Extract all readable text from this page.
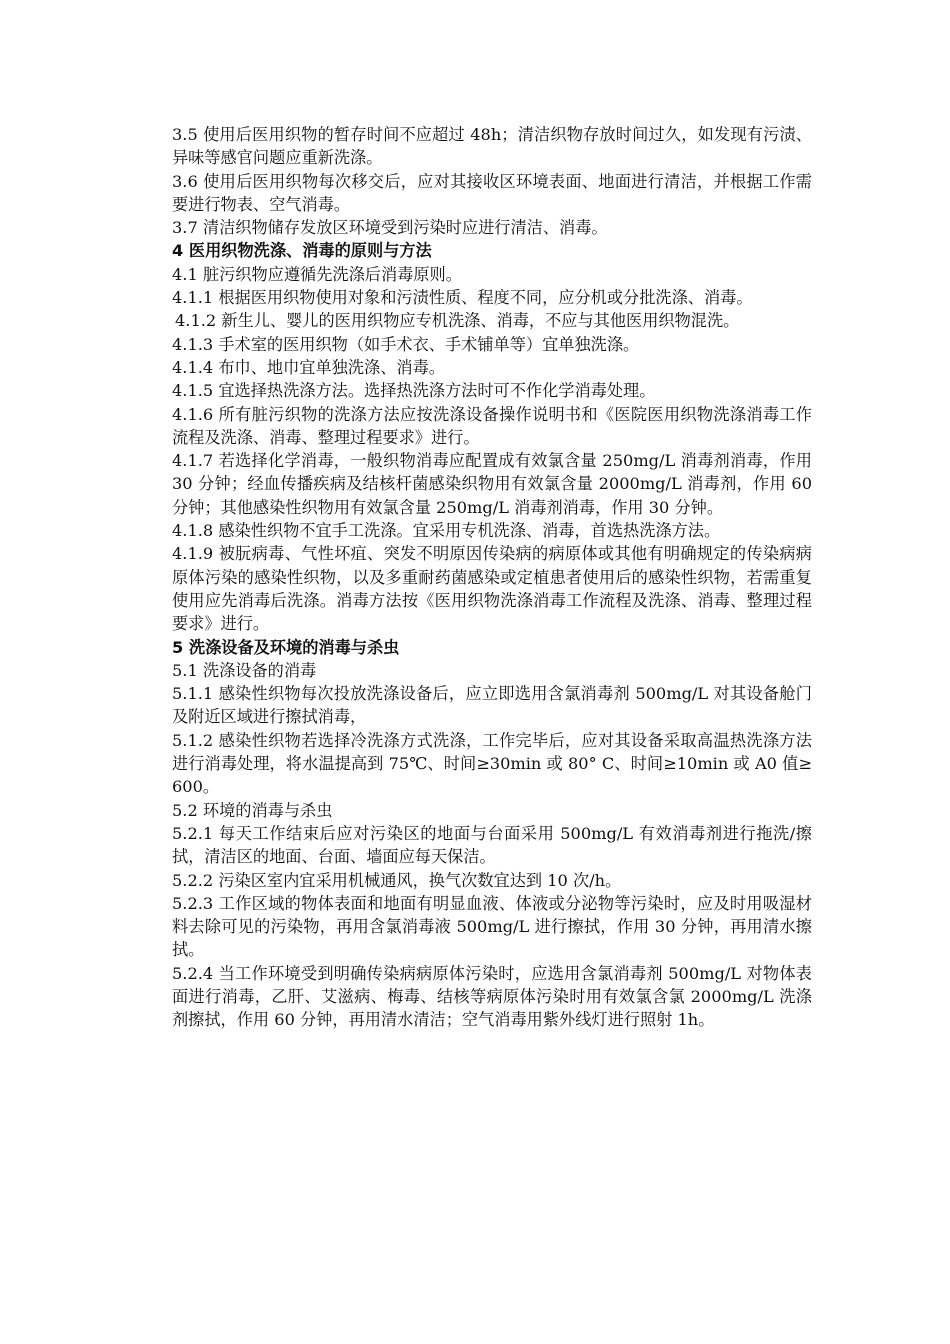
3.5 使用后医用织物的暂存时间不应超过 48h；清洁织物存放时间过久，如发现有污渍、异味等感官问题应重新洗涤。

3.6 使用后医用织物每次移交后，应对其接收区环境表面、地面进行清洁，并根据工作需要进行物表、空气消毒。

3.7 清洁织物储存发放区环境受到污染时应进行清洁、消毒。

4 医用织物洗涤、消毒的原则与方法

4.1 脏污织物应遵循先洗涤后消毒原则。

4.1.1 根据医用织物使用对象和污渍性质、程度不同，应分机或分批洗涤、消毒。

4.1.2 新生儿、婴儿的医用织物应专机洗涤、消毒，不应与其他医用织物混洗。

4.1.3 手术室的医用织物（如手术衣、手术铺单等）宜单独洗涤。

4.1.4 布巾、地巾宜单独洗涤、消毒。

4.1.5 宜选择热洗涤方法。选择热洗涤方法时可不作化学消毒处理。

4.1.6 所有脏污织物的洗涤方法应按洗涤设备操作说明书和《医院医用织物洗涤消毒工作流程及洗涤、消毒、整理过程要求》进行。

4.1.7 若选择化学消毒，一般织物消毒应配置成有效氯含量 250mg/L 消毒剂消毒，作用 30 分钟；经血传播疾病及结核杆菌感染织物用有效氯含量 2000mg/L 消毒剂，作用 60 分钟；其他感染性织物用有效氯含量 250mg/L 消毒剂消毒，作用 30 分钟。

4.1.8 感染性织物不宜手工洗涤。宜采用专机洗涤、消毒，首选热洗涤方法。

4.1.9 被朊病毒、气性坏疽、突发不明原因传染病的病原体或其他有明确规定的传染病病原体污染的感染性织物，以及多重耐药菌感染或定植患者使用后的感染性织物，若需重复使用应先消毒后洗涤。消毒方法按《医用织物洗涤消毒工作流程及洗涤、消毒、整理过程要求》进行。

5 洗涤设备及环境的消毒与杀虫

5.1 洗涤设备的消毒

5.1.1 感染性织物每次投放洗涤设备后，应立即选用含氯消毒剂 500mg/L 对其设备舱门及附近区域进行擦拭消毒，

5.1.2 感染性织物若选择冷洗涤方式洗涤，工作完毕后，应对其设备采取高温热洗涤方法进行消毒处理，将水温提高到 75℃、时间≥30min 或 80° C、时间≥10min 或 A0 值≥600。

5.2 环境的消毒与杀虫

5.2.1 每天工作结束后应对污染区的地面与台面采用 500mg/L 有效消毒剂进行拖洗/擦拭，清洁区的地面、台面、墙面应每天保洁。

5.2.2 污染区室内宜采用机械通风，换气次数宜达到 10 次/h。

5.2.3 工作区域的物体表面和地面有明显血液、体液或分泌物等污染时，应及时用吸湿材料去除可见的污染物，再用含氯消毒液 500mg/L 进行擦拭，作用 30 分钟，再用清水擦拭。

5.2.4 当工作环境受到明确传染病病原体污染时，应选用含氯消毒剂 500mg/L 对物体表面进行消毒，乙肝、艾滋病、梅毒、结核等病原体污染时用有效氯含氯 2000mg/L 洗涤剂擦拭，作用 60 分钟，再用清水清洁；空气消毒用紫外线灯进行照射 1h。
